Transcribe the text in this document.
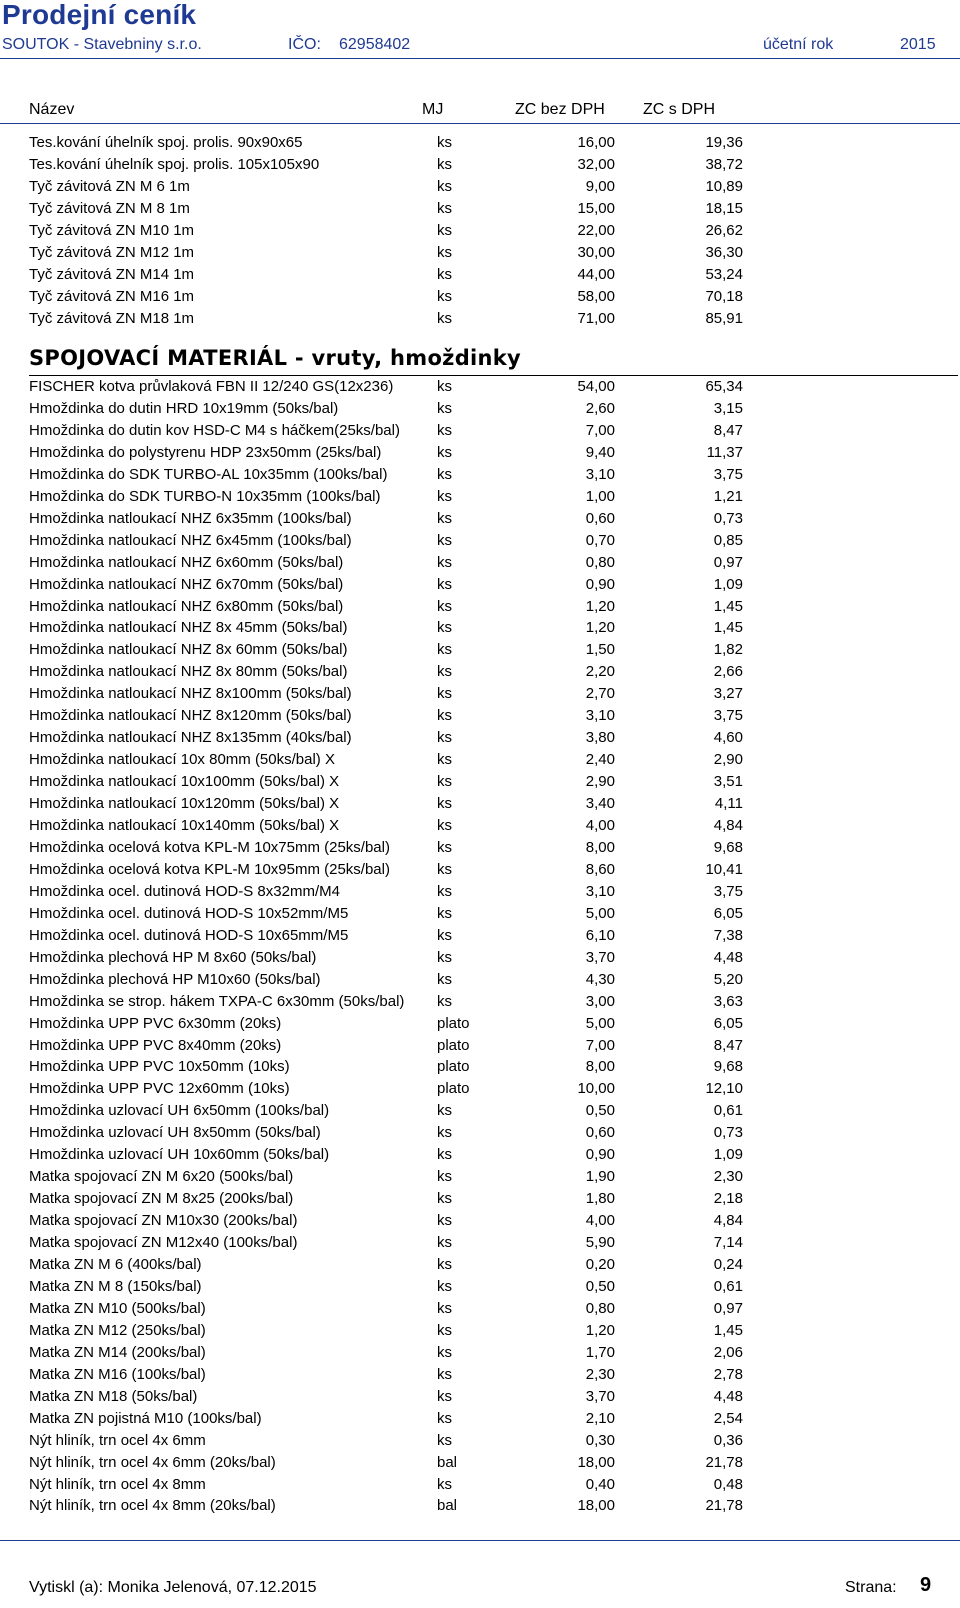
Prodejní ceník
SOUTOK - Stavebniny s.r.o.	IČO: 62958402	účetní rok	2015
Název	MJ	ZC bez DPH ZC s DPH
Tes.kování úhelník spoj. prolis. 90x90x65	ks	16,00	19,36
Tes.kování úhelník spoj. prolis. 105x105x90	ks	32,00	38,72
Tyč závitová ZN M 6 1m	ks	9,00	10,89
Tyč závitová ZN M 8 1m	ks	15,00	18,15
Tyč závitová ZN M10 1m	ks	22,00	26,62
Tyč závitová ZN M12 1m	ks	30,00	36,30
Tyč závitová ZN M14 1m	ks	44,00	53,24
Tyč závitová ZN M16 1m	ks	58,00	70,18
Tyč závitová ZN M18 1m	ks	71,00	85,91
SPOJOVACÍ MATERIÁL - vruty, hmoždinky
FISCHER kotva průvlaková FBN II 12/240 GS(12x236)	ks	54,00	65,34
Hmoždinka do dutin HRD 10x19mm (50ks/bal)	ks	2,60	3,15
Hmoždinka do dutin kov HSD-C M4 s háčkem(25ks/bal) ks	7,00	8,47
Hmoždinka do polystyrenu HDP 23x50mm (25ks/bal)	ks	9,40	11,37
Hmoždinka do SDK TURBO-AL 10x35mm (100ks/bal)	ks	3,10	3,75
Hmoždinka do SDK TURBO-N 10x35mm (100ks/bal)	ks	1,00	1,21
Hmoždinka natloukací NHZ 6x35mm (100ks/bal)	ks	0,60	0,73
Hmoždinka natloukací NHZ 6x45mm (100ks/bal)	ks	0,70	0,85
Hmoždinka natloukací NHZ 6x60mm (50ks/bal)	ks	0,80	0,97
Hmoždinka natloukací NHZ 6x70mm (50ks/bal)	ks	0,90	1,09
Hmoždinka natloukací NHZ 6x80mm (50ks/bal)	ks	1,20	1,45
Hmoždinka natloukací NHZ 8x 45mm (50ks/bal)	ks	1,20	1,45
Hmoždinka natloukací NHZ 8x 60mm (50ks/bal)	ks	1,50	1,82
Hmoždinka natloukací NHZ 8x 80mm (50ks/bal)	ks	2,20	2,66
Hmoždinka natloukací NHZ 8x100mm (50ks/bal)	ks	2,70	3,27
Hmoždinka natloukací NHZ 8x120mm (50ks/bal)	ks	3,10	3,75
Hmoždinka natloukací NHZ 8x135mm (40ks/bal)	ks	3,80	4,60
Hmoždinka natloukací 10x 80mm (50ks/bal) X	ks	2,40	2,90
Hmoždinka natloukací 10x100mm (50ks/bal) X	ks	2,90	3,51
Hmoždinka natloukací 10x120mm (50ks/bal) X	ks	3,40	4,11
Hmoždinka natloukací 10x140mm (50ks/bal) X	ks	4,00	4,84
Hmoždinka ocelová kotva KPL-M 10x75mm (25ks/bal)	ks	8,00	9,68
Hmoždinka ocelová kotva KPL-M 10x95mm (25ks/bal)	ks	8,60	10,41
Hmoždinka ocel. dutinová HOD-S 8x32mm/M4	ks	3,10	3,75
Hmoždinka ocel. dutinová HOD-S 10x52mm/M5	ks	5,00	6,05
Hmoždinka ocel. dutinová HOD-S 10x65mm/M5	ks	6,10	7,38
Hmoždinka plechová HP M 8x60 (50ks/bal)	ks	3,70	4,48
Hmoždinka plechová HP M10x60 (50ks/bal)	ks	4,30	5,20
Hmoždinka se strop. hákem TXPA-C 6x30mm (50ks/bal) ks	3,00	3,63
Hmoždinka UPP PVC 6x30mm (20ks)	plato	5,00	6,05
Hmoždinka UPP PVC 8x40mm (20ks)	plato	7,00	8,47
Hmoždinka UPP PVC 10x50mm (10ks)	plato	8,00	9,68
Hmoždinka UPP PVC 12x60mm (10ks)	plato	10,00	12,10
Hmoždinka uzlovací UH 6x50mm (100ks/bal)	ks	0,50	0,61
Hmoždinka uzlovací UH 8x50mm (50ks/bal)	ks	0,60	0,73
Hmoždinka uzlovací UH 10x60mm (50ks/bal)	ks	0,90	1,09
Matka spojovací ZN M 6x20 (500ks/bal)	ks	1,90	2,30
Matka spojovací ZN M 8x25 (200ks/bal)	ks	1,80	2,18
Matka spojovací ZN M10x30 (200ks/bal)	ks	4,00	4,84
Matka spojovací ZN M12x40 (100ks/bal)	ks	5,90	7,14
Matka ZN M 6 (400ks/bal)	ks	0,20	0,24
Matka ZN M 8 (150ks/bal)	ks	0,50	0,61
Matka ZN M10 (500ks/bal)	ks	0,80	0,97
Matka ZN M12 (250ks/bal)	ks	1,20	1,45
Matka ZN M14 (200ks/bal)	ks	1,70	2,06
Matka ZN M16 (100ks/bal)	ks	2,30	2,78
Matka ZN M18 (50ks/bal)	ks	3,70	4,48
Matka ZN pojistná M10 (100ks/bal)	ks	2,10	2,54
Nýt hliník, trn ocel 4x 6mm	ks	0,30	0,36
Nýt hliník, trn ocel 4x 6mm (20ks/bal)	bal	18,00	21,78
Nýt hliník, trn ocel 4x 8mm	ks	0,40	0,48
Nýt hliník, trn ocel 4x 8mm (20ks/bal)	bal	18,00	21,78
Vytiskl (a): Monika Jelenová, 07.12.2015	Strana: 9
